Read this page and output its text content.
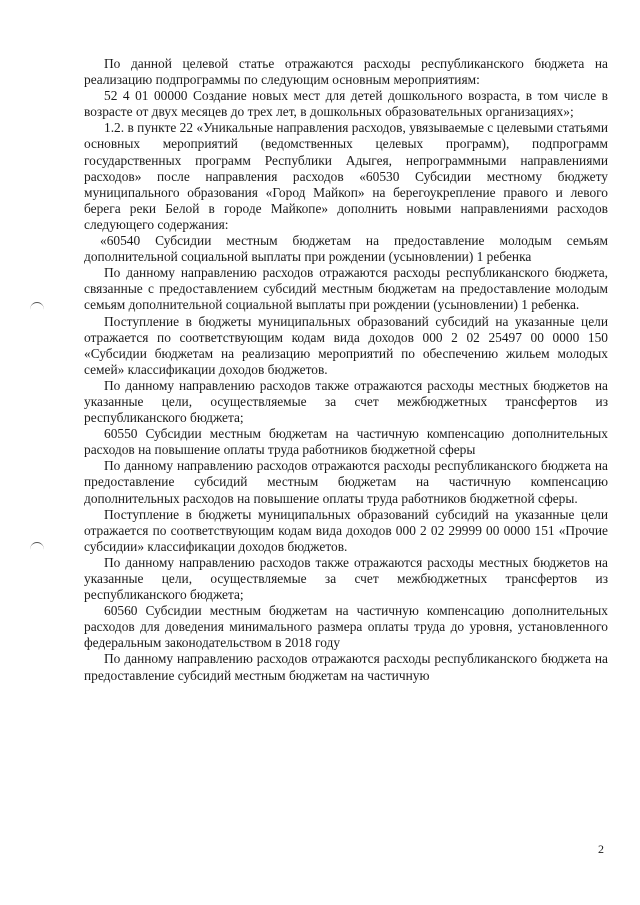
По данной целевой статье отражаются расходы республиканского бюджета на реализацию подпрограммы по следующим основным мероприятиям:

52 4 01 00000 Создание новых мест для детей дошкольного возраста, в том числе в возрасте от двух месяцев до трех лет, в дошкольных образовательных организациях»;

1.2. в пункте 22 «Уникальные направления расходов, увязываемые с целевыми статьями основных мероприятий (ведомственных целевых программ), подпрограмм государственных программ Республики Адыгея, непрограммными направлениями расходов» после направления расходов «60530 Субсидии местному бюджету муниципального образования «Город Майкоп» на берегоукрепление правого и левого берега реки Белой в городе Майкопе» дополнить новыми направлениями расходов следующего содержания:

«60540 Субсидии местным бюджетам на предоставление молодым семьям дополнительной социальной выплаты при рождении (усыновлении) 1 ребенка

По данному направлению расходов отражаются расходы республиканского бюджета, связанные с предоставлением субсидий местным бюджетам на предоставление молодым семьям дополнительной социальной выплаты при рождении (усыновлении) 1 ребенка.

Поступление в бюджеты муниципальных образований субсидий на указанные цели отражается по соответствующим кодам вида доходов 000 2 02 25497 00 0000 150 «Субсидии бюджетам на реализацию мероприятий по обеспечению жильем молодых семей» классификации доходов бюджетов.

По данному направлению расходов также отражаются расходы местных бюджетов на указанные цели, осуществляемые за счет межбюджетных трансфертов из республиканского бюджета;

60550 Субсидии местным бюджетам на частичную компенсацию дополнительных расходов на повышение оплаты труда работников бюджетной сферы

По данному направлению расходов отражаются расходы республиканского бюджета на предоставление субсидий местным бюджетам на частичную компенсацию дополнительных расходов на повышение оплаты труда работников бюджетной сферы.

Поступление в бюджеты муниципальных образований субсидий на указанные цели отражается по соответствующим кодам вида доходов 000 2 02 29999 00 0000 151 «Прочие субсидии» классификации доходов бюджетов.

По данному направлению расходов также отражаются расходы местных бюджетов на указанные цели, осуществляемые за счет межбюджетных трансфертов из республиканского бюджета;

60560 Субсидии местным бюджетам на частичную компенсацию дополнительных расходов для доведения минимального размера оплаты труда до уровня, установленного федеральным законодательством в 2018 году

По данному направлению расходов отражаются расходы республиканского бюджета на предоставление субсидий местным бюджетам на частичную

2
